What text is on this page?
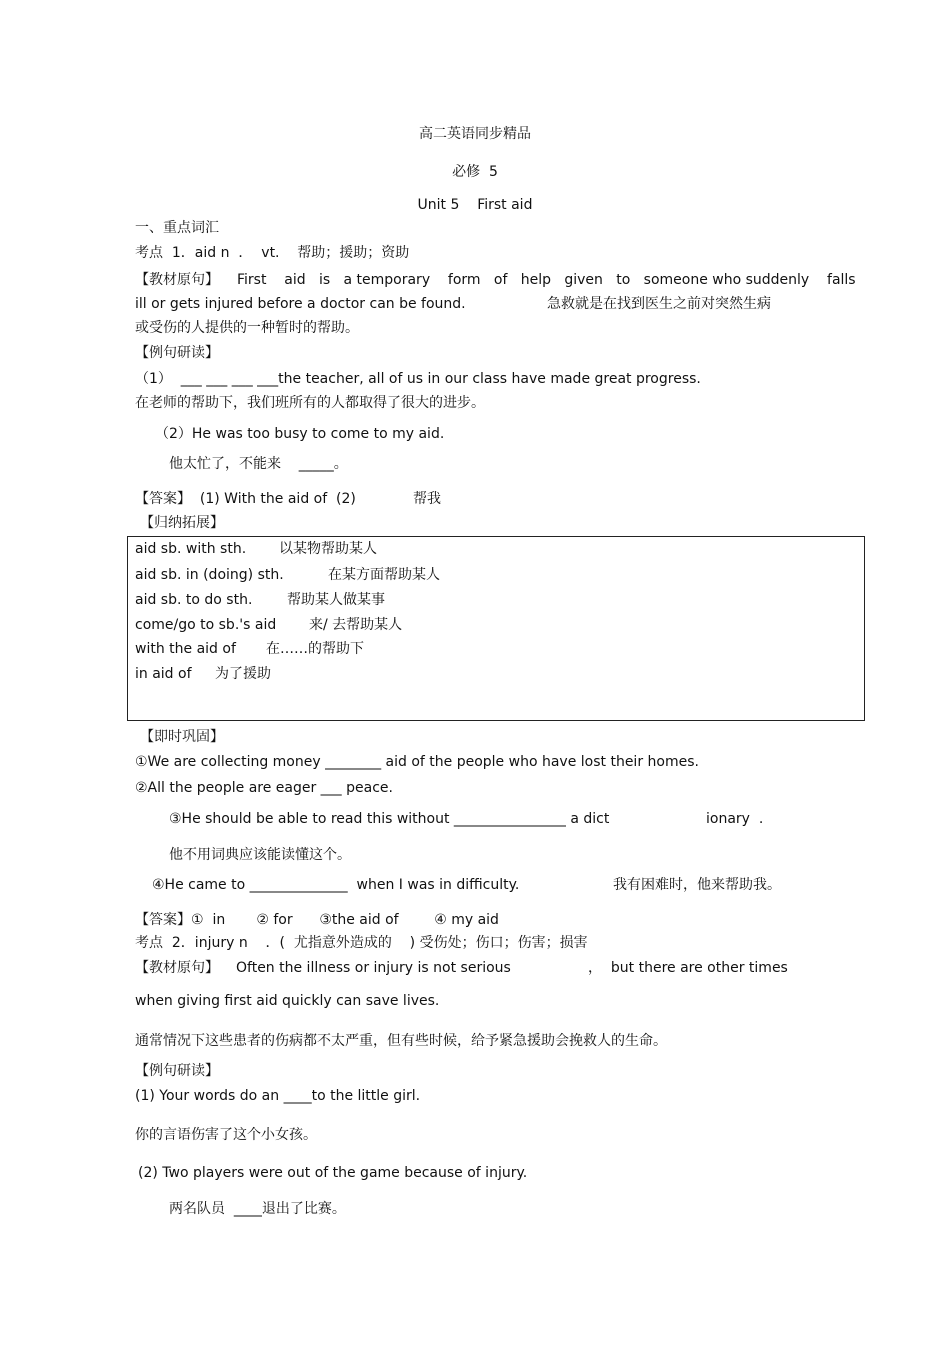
高二英语同步精品
必修  5
Unit 5    First aid
一、重点词汇
考点  1．aid n  ．  vt.    帮助；援助；资助
【教材原句】 First    aid   is   a temporary    form   of   help   given   to   someone who suddenly    falls
ill or gets injured before a doctor can be found.	急救就是在找到医生之前对突然生病
或受伤的人提供的一种暂时的帮助。
【例句研读】
（1）  ___ ___ ___ ___the teacher, all of us in our class have made great progress.
在老师的帮助下，我们班所有的人都取得了很大的进步。
（2）He was too busy to come to my aid.
他太忙了，不能来    _____。
【答案】  (1) With the aid of  (2)	帮我
【归纳拓展】
aid sb. with sth. 以某物帮助某人
aid sb. in (doing) sth.	在某方面帮助某人
aid sb. to do sth. 帮助某人做某事
come/go to sb.'s aid 来/ 去帮助某人
with the aid of 在……的帮助下
in aid of 为了援助
【即时巩固】
①We are collecting money ________ aid of the people who have lost their homes.
②All the people are eager ___ peace.
③He should be able to read this without ________________ a dict	ionary  .
他不用词典应该能读懂这个。
④He came to ______________  when I was in difficulty.	我有困难时，他来帮助我。
【答案】①  in       ② for      ③the aid of        ④ my aid
考点  2．injury n    ．(  尤指意外造成的    ) 受伤处；伤口；伤害；损害
【教材原句】 Often the illness or injury is not serious	，  but there are other times
when giving first aid quickly can save lives.
通常情况下这些患者的伤病都不太严重，但有些时候，给予紧急援助会挽救人的生命。
【例句研读】
(1) Your words do an ____to the little girl.
你的言语伤害了这个小女孩。
(2) Two players were out of the game because of injury.
两名队员  ____退出了比赛。
